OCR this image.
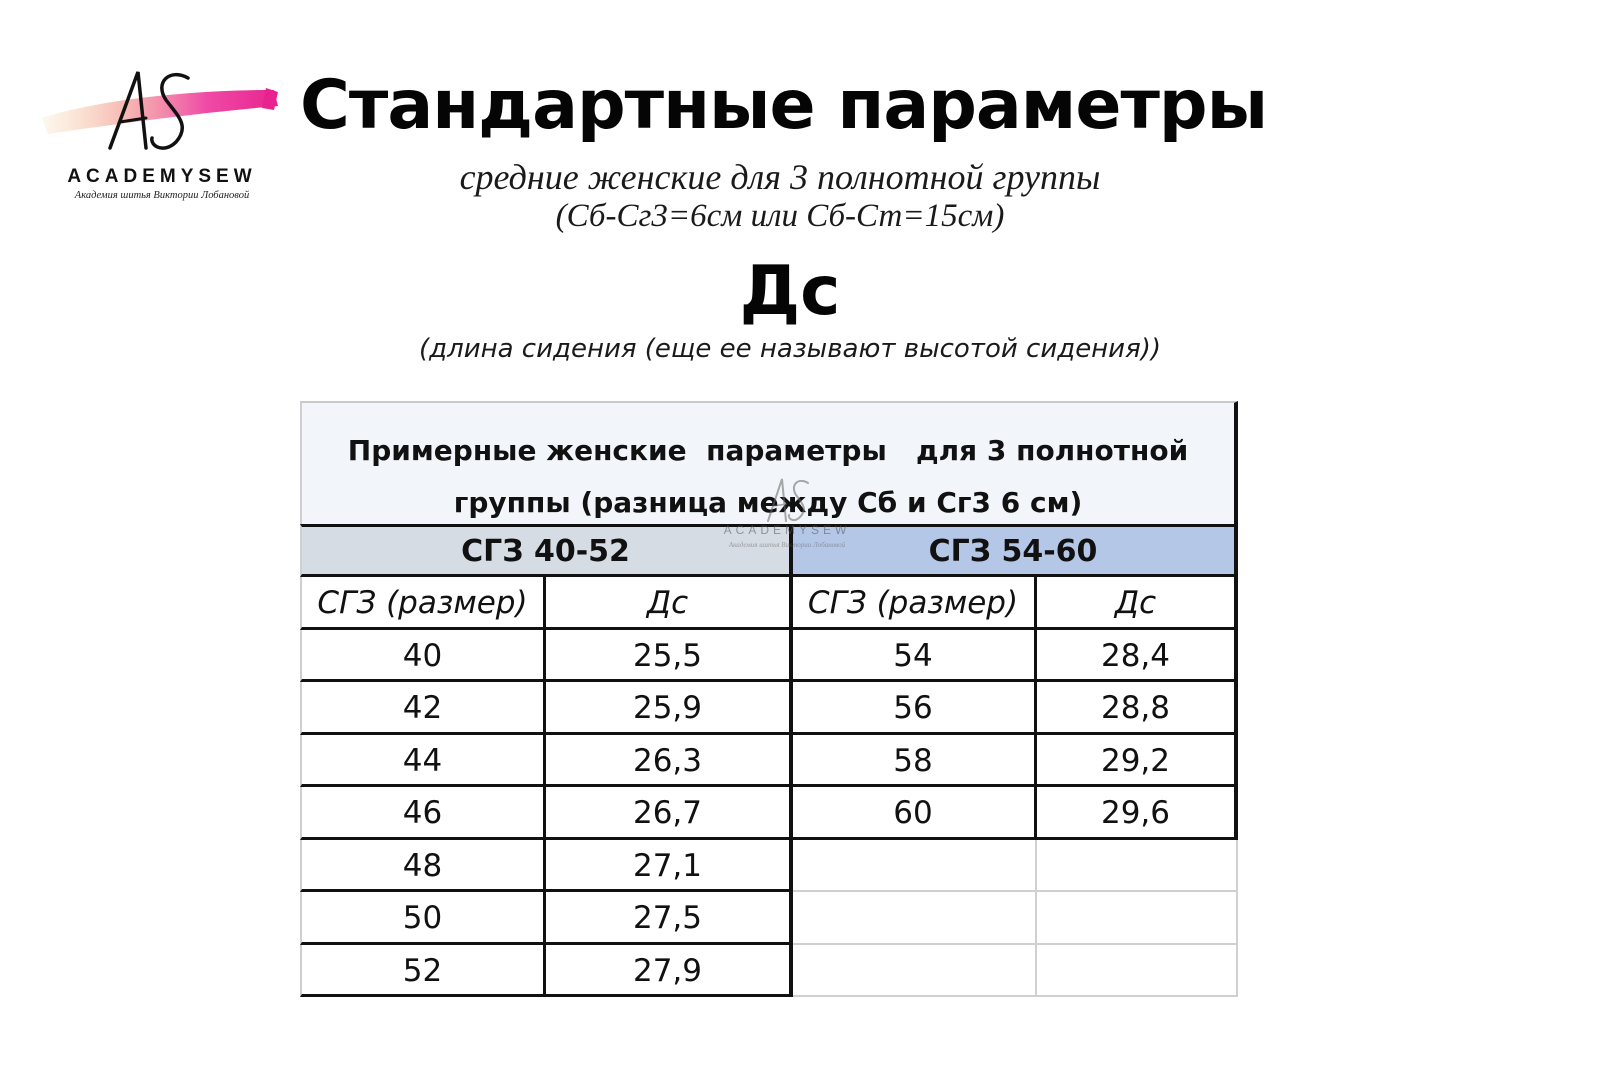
ACADEMYSEW
Академия шитья Виктории Лобановой
Стандартные параметры
средние женские для 3 полнотной группы
(Сб-Сг3=6см или Сб-Ст=15см)
Дс
(длина сидения (еще ее называют высотой сидения))
Примерные женские  параметры   для 3 полнотной
группы (разница между Сб и Сг3 6 см)
СГЗ 40-52	СГЗ 54-60
СГЗ (размер)	Дс	СГЗ (размер)	Дс
40	25,5	54	28,4
42	25,9	56	28,8
44	26,3	58	29,2
46	26,7	60	29,6
48	27,1
50	27,5
52	27,9
ACADEMYSEW
Академия шитья Виктории Лобановой
